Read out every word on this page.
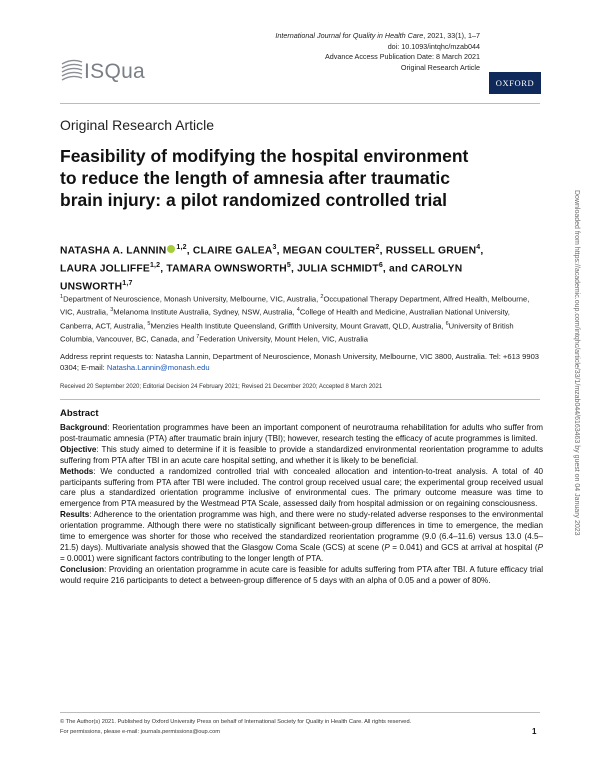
ISQua
International Journal for Quality in Health Care, 2021, 33(1), 1–7
doi: 10.1093/intqhc/mzab044
Advance Access Publication Date: 8 March 2021
Original Research Article
OXFORD
Original Research Article
Feasibility of modifying the hospital environment to reduce the length of amnesia after traumatic brain injury: a pilot randomized controlled trial
NATASHA A. LANNIN $^{1,2}$, CLAIRE GALEA$^3$, MEGAN COULTER$^2$, RUSSELL GRUEN$^4$, LAURA JOLLIFFE$^{1,2}$, TAMARA OWNSWORTH$^5$, JULIA SCHMIDT$^6$, and CAROLYN UNSWORTH$^{1,7}$
$^1$Department of Neuroscience, Monash University, Melbourne, VIC, Australia, $^2$Occupational Therapy Department, Alfred Health, Melbourne, VIC, Australia, $^3$Melanoma Institute Australia, Sydney, NSW, Australia, $^4$College of Health and Medicine, Australian National University, Canberra, ACT, Australia, $^5$Menzies Health Institute Queensland, Griffith University, Mount Gravatt, QLD, Australia, $^6$University of British Columbia, Vancouver, BC, Canada, and $^7$Federation University, Mount Helen, VIC, Australia
Address reprint requests to: Natasha Lannin, Department of Neuroscience, Monash University, Melbourne, VIC 3800, Australia. Tel: +613 9903 0304; E-mail: Natasha.Lannin@monash.edu
Received 20 September 2020; Editorial Decision 24 February 2021; Revised 21 December 2020; Accepted 8 March 2021
Abstract

Background: Reorientation programmes have been an important component of neurotrauma rehabilitation for adults who suffer from post-traumatic amnesia (PTA) after traumatic brain injury (TBI); however, research testing the efficacy of acute programmes is limited.

Objective: This study aimed to determine if it is feasible to provide a standardized environmental reorientation programme to adults suffering from PTA after TBI in an acute care hospital setting, and whether it is likely to be beneficial.

Methods: We conducted a randomized controlled trial with concealed allocation and intention-to-treat analysis. A total of 40 participants suffering from PTA after TBI were included. The control group received usual care; the experimental group received usual care plus a standardized orientation programme inclusive of environmental cues. The primary outcome measure was time to emergence from PTA measured by the Westmead PTA Scale, assessed daily from hospital admission or on regaining consciousness.

Results: Adherence to the orientation programme was high, and there were no study-related adverse responses to the environmental orientation programme. Although there were no statistically significant between-group differences in time to emergence, the median time to emergence was shorter for those who received the standardized reorientation programme (9.0 (6.4–11.6) versus 13.0 (4.5–21.5) days). Multivariate analysis showed that the Glasgow Coma Scale (GCS) at scene (P = 0.041) and GCS at arrival at hospital (P = 0.0001) were significant factors contributing to the longer length of PTA.

Conclusion: Providing an orientation programme in acute care is feasible for adults suffering from PTA after TBI. A future efficacy trial would require 216 participants to detect a between-group difference of 5 days with an alpha of 0.05 and a power of 80%.

© The Author(s) 2021. Published by Oxford University Press on behalf of International Society for Quality in Health Care. All rights reserved.
For permissions, please e-mail: journals.permissions@oup.com	1
Downloaded from https://academic.oup.com/intqhc/article/33/1/mzab044/6163463 by guest on 04 January 2023
